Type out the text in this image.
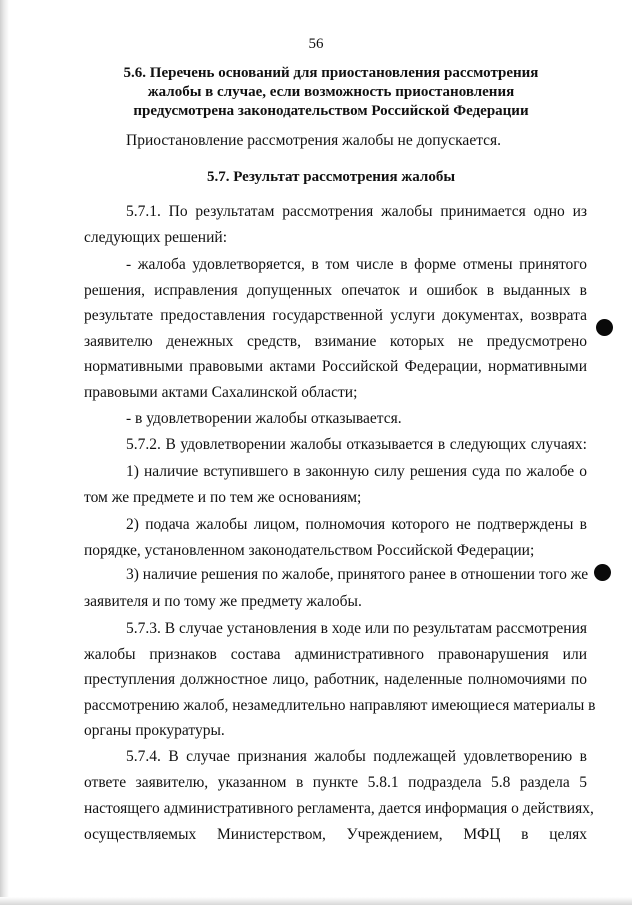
56
5.6. Перечень оснований для приостановления рассмотрения
жалобы в случае, если возможность приостановления
предусмотрена законодательством Российской Федерации
Приостановление рассмотрения жалобы не допускается.
5.7. Результат рассмотрения жалобы
5.7.1. По результатам рассмотрения жалобы принимается одно из
следующих решений:
- жалоба удовлетворяется, в том числе в форме отмены принятого
решения, исправления допущенных опечаток и ошибок в выданных в
результате предоставления государственной услуги документах, возврата
заявителю денежных средств, взимание которых не предусмотрено
нормативными правовыми актами Российской Федерации, нормативными
правовыми актами Сахалинской области;
- в удовлетворении жалобы отказывается.
5.7.2. В удовлетворении жалобы отказывается в следующих случаях:
1) наличие вступившего в законную силу решения суда по жалобе о
том же предмете и по тем же основаниям;
2) подача жалобы лицом, полномочия которого не подтверждены в
порядке, установленном законодательством Российской Федерации;
3) наличие решения по жалобе, принятого ранее в отношении того же
заявителя и по тому же предмету жалобы.
5.7.3. В случае установления в ходе или по результатам рассмотрения
жалобы признаков состава административного правонарушения или
преступления должностное лицо, работник, наделенные полномочиями по
рассмотрению жалоб, незамедлительно направляют имеющиеся материалы в
органы прокуратуры.
5.7.4. В случае признания жалобы подлежащей удовлетворению в
ответе заявителю, указанном в пункте 5.8.1 подраздела 5.8 раздела 5
настоящего административного регламента, дается информация о действиях,
осуществляемых Министерством, Учреждением, МФЦ в целях
